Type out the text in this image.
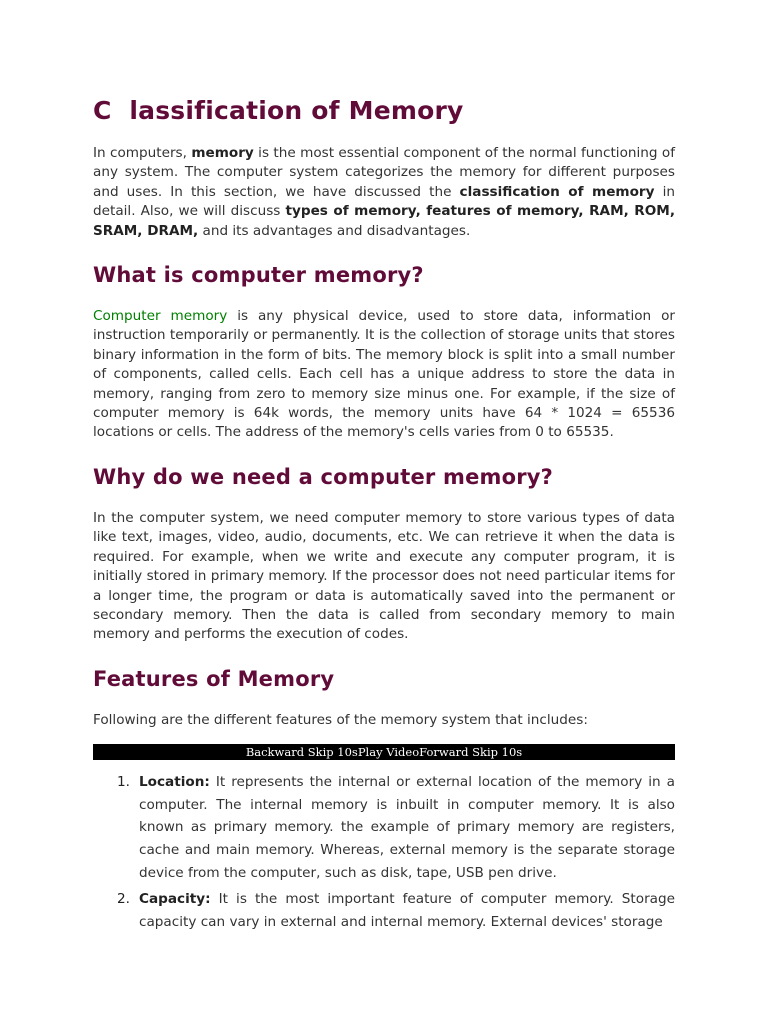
C lassification of Memory

In computers, memory is the most essential component of the normal functioning of any system. The computer system categorizes the memory for different purposes and uses. In this section, we have discussed the classification of memory in detail. Also, we will discuss types of memory, features of memory, RAM, ROM, SRAM, DRAM, and its advantages and disadvantages.

What is computer memory?

Computer memory is any physical device, used to store data, information or instruction temporarily or permanently. It is the collection of storage units that stores binary information in the form of bits. The memory block is split into a small number of components, called cells. Each cell has a unique address to store the data in memory, ranging from zero to memory size minus one. For example, if the size of computer memory is 64k words, the memory units have 64 * 1024 = 65536 locations or cells. The address of the memory's cells varies from 0 to 65535.

Why do we need a computer memory?

In the computer system, we need computer memory to store various types of data like text, images, video, audio, documents, etc. We can retrieve it when the data is required. For example, when we write and execute any computer program, it is initially stored in primary memory. If the processor does not need particular items for a longer time, the program or data is automatically saved into the permanent or secondary memory. Then the data is called from secondary memory to main memory and performs the execution of codes.

Features of Memory

Following are the different features of the memory system that includes:

Backward Skip 10sPlay VideoForward Skip 10s
1. Location: It represents the internal or external location of the memory in a computer. The internal memory is inbuilt in computer memory. It is also known as primary memory. the example of primary memory are registers, cache and main memory. Whereas, external memory is the separate storage device from the computer, such as disk, tape, USB pen drive.
2. Capacity: It is the most important feature of computer memory. Storage capacity can vary in external and internal memory. External devices' storage
